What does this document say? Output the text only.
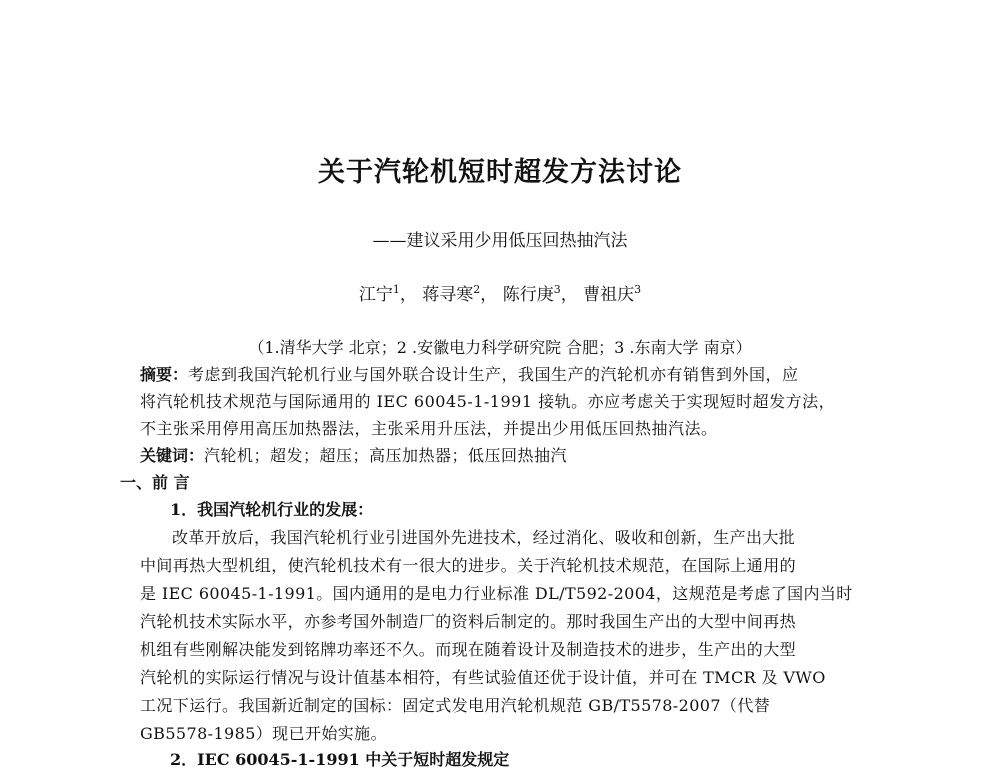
关于汽轮机短时超发方法讨论
——建议采用少用低压回热抽汽法
江宁$^1$， 蒋寻寒$^2$， 陈行庚$^3$， 曹祖庆$^3$
（1.清华大学 北京；2 .安徽电力科学研究院 合肥；3 .东南大学 南京）
摘要：考虑到我国汽轮机行业与国外联合设计生产，我国生产的汽轮机亦有销售到外国，应
将汽轮机技术规范与国际通用的 IEC 60045-1-1991 接轨。亦应考虑关于实现短时超发方法，
不主张采用停用高压加热器法，主张采用升压法，并提出少用低压回热抽汽法。
关键词：汽轮机；超发；超压；高压加热器；低压回热抽汽
一、前 言
1．我国汽轮机行业的发展：
改革开放后，我国汽轮机行业引进国外先进技术，经过消化、吸收和创新，生产出大批
中间再热大型机组，使汽轮机技术有一很大的进步。关于汽轮机技术规范，在国际上通用的
是 IEC 60045-1-1991。国内通用的是电力行业标准 DL/T592-2004，这规范是考虑了国内当时
汽轮机技术实际水平，亦参考国外制造厂的资料后制定的。那时我国生产出的大型中间再热
机组有些刚解决能发到铭牌功率还不久。而现在随着设计及制造技术的进步，生产出的大型
汽轮机的实际运行情况与设计值基本相符，有些试验值还优于设计值，并可在 TMCR 及 VWO
工况下运行。我国新近制定的国标：固定式发电用汽轮机规范 GB/T5578-2007（代替
GB5578-1985）现已开始实施。
2．IEC 60045-1-1991 中关于短时超发规定
